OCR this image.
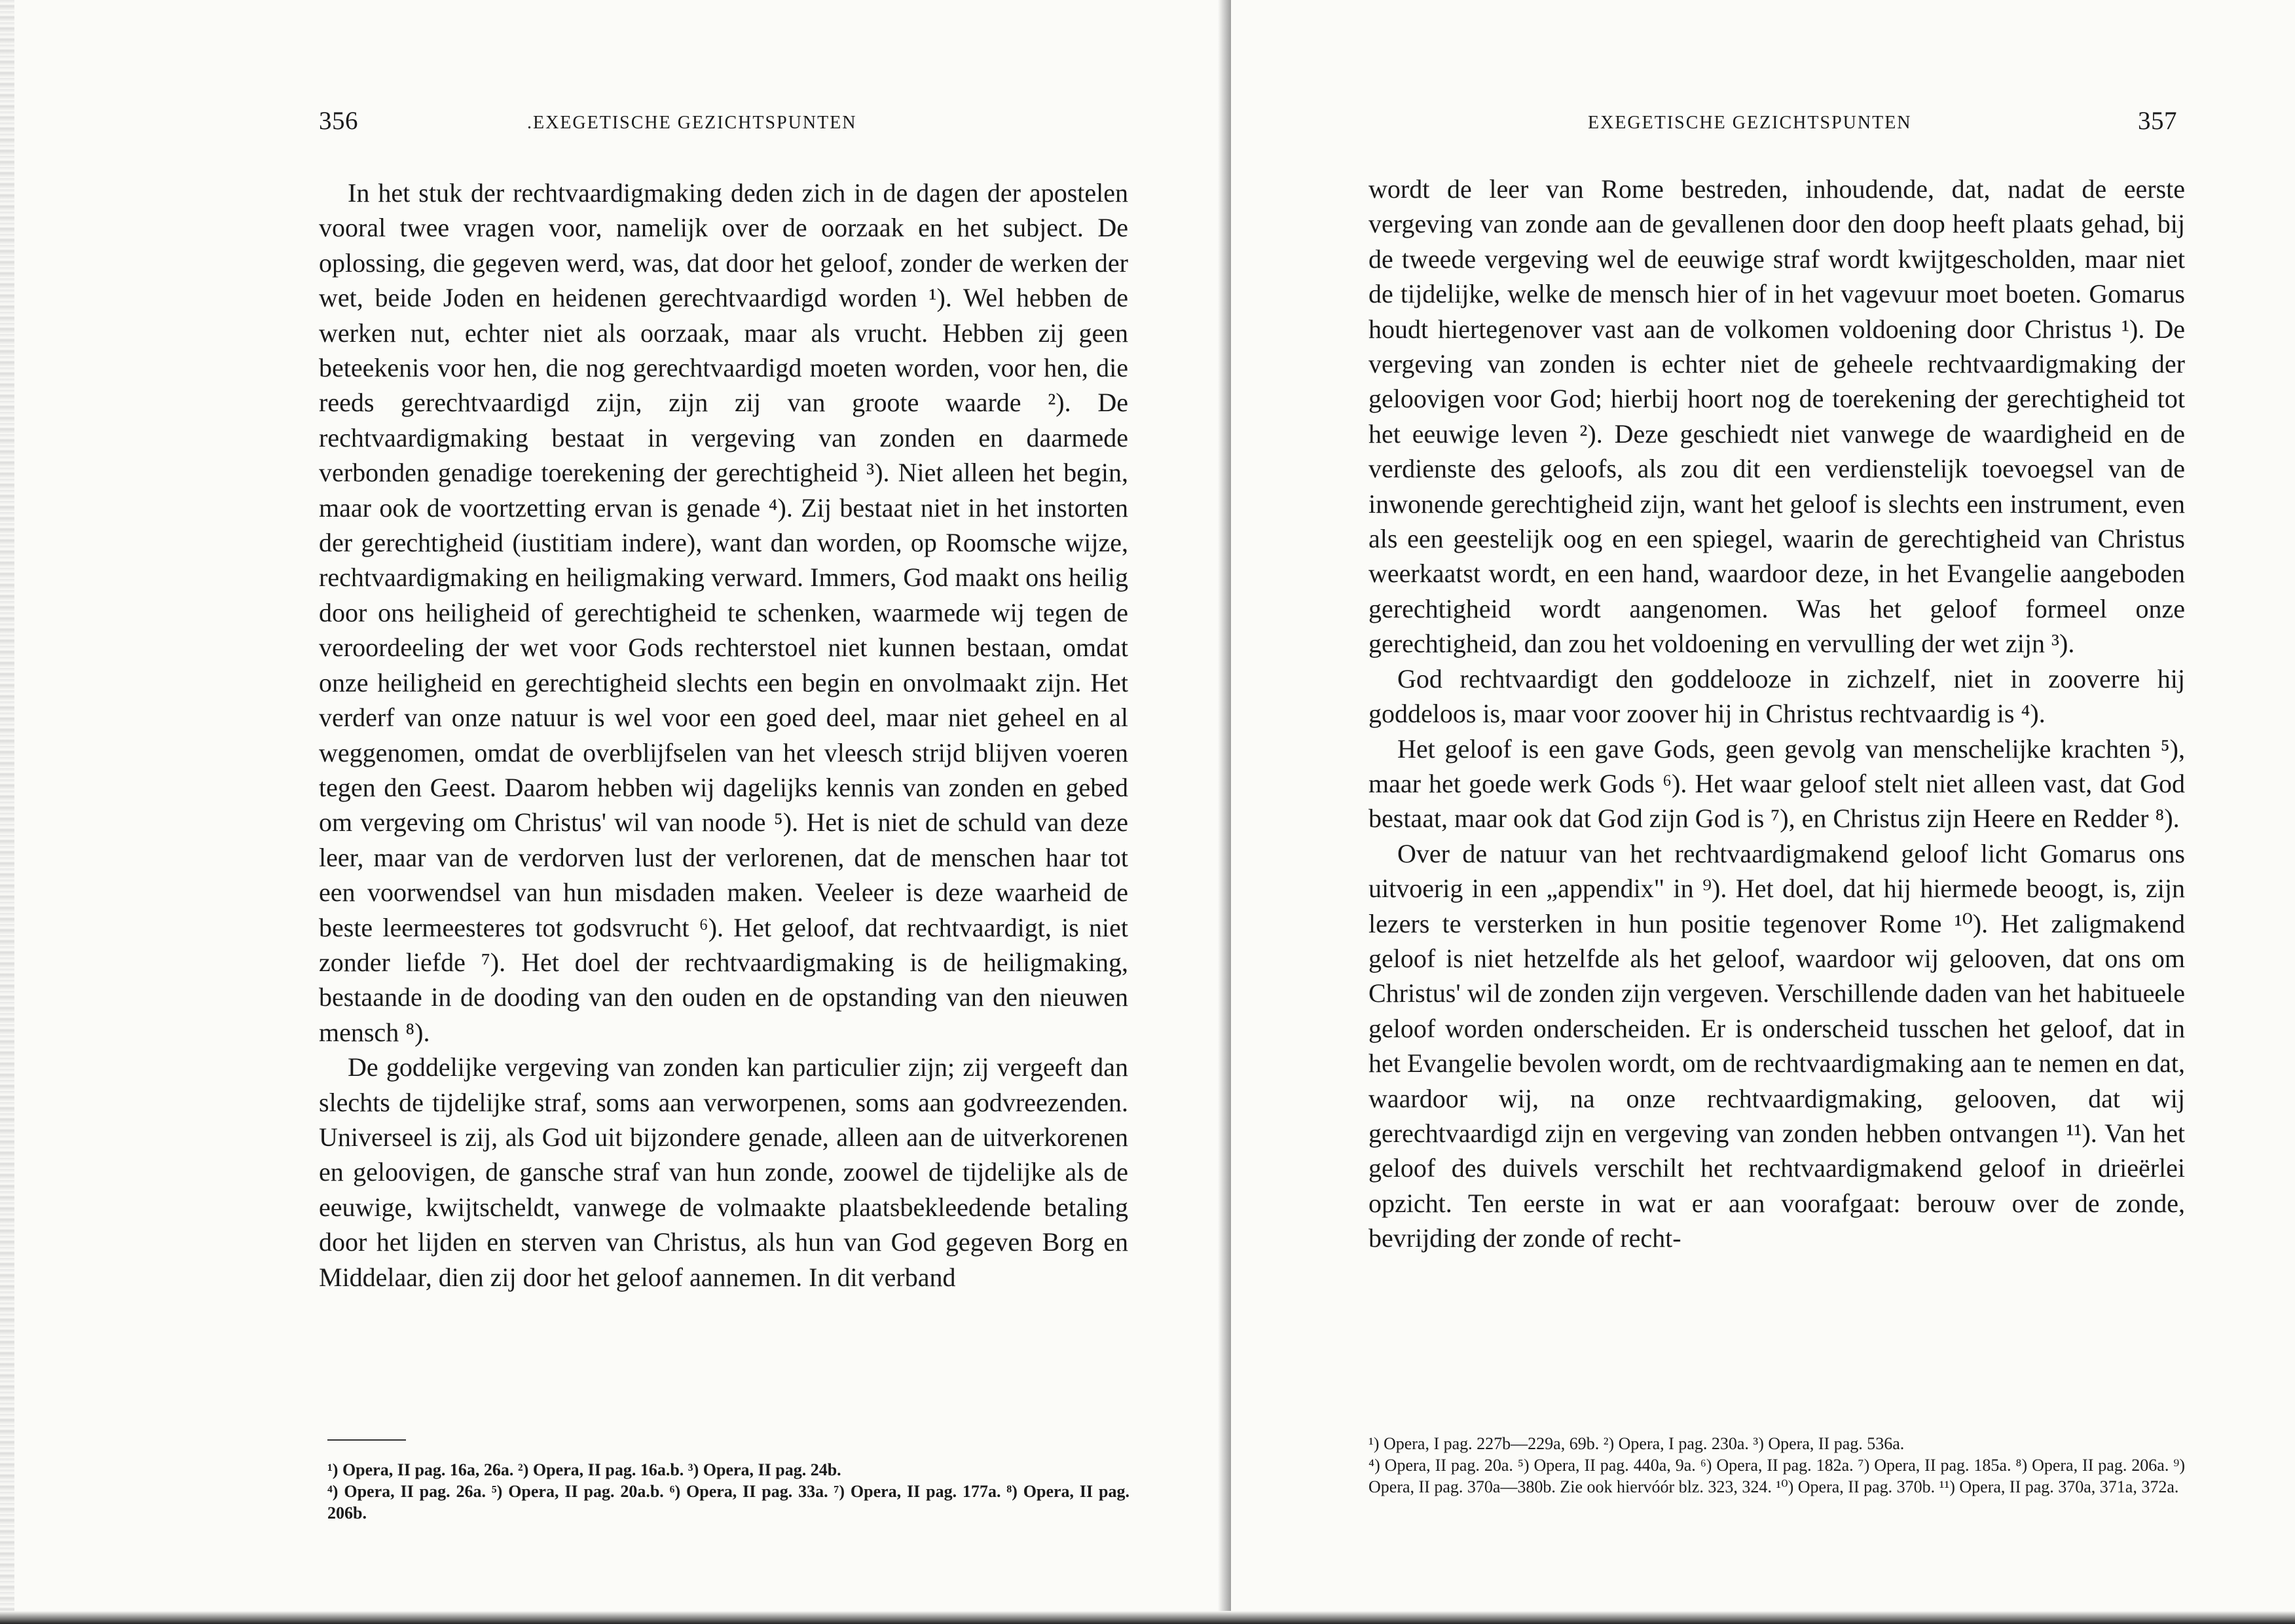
356	.EXEGETISCHE GEZICHTSPUNTEN

In het stuk der rechtvaardigmaking deden zich in de dagen der apostelen vooral twee vragen voor, namelijk over de oorzaak en het subject. De oplossing, die gegeven werd, was, dat door het geloof, zonder de werken der wet, beide Joden en heidenen gerechtvaardigd worden ¹). Wel hebben de werken nut, echter niet als oorzaak, maar als vrucht. Hebben zij geen beteekenis voor hen, die nog gerechtvaardigd moeten worden, voor hen, die reeds gerechtvaardigd zijn, zijn zij van groote waarde ²). De rechtvaardigmaking bestaat in vergeving van zonden en daarmede verbonden genadige toerekening der gerechtigheid ³). Niet alleen het begin, maar ook de voortzetting ervan is genade ⁴). Zij bestaat niet in het instorten der gerechtigheid (iustitiam indere), want dan worden, op Roomsche wijze, rechtvaardigmaking en heiligmaking verward. Immers, God maakt ons heilig door ons heiligheid of gerechtigheid te schenken, waarmede wij tegen de veroordeeling der wet voor Gods rechterstoel niet kunnen bestaan, omdat onze heiligheid en gerechtigheid slechts een begin en onvolmaakt zijn. Het verderf van onze natuur is wel voor een goed deel, maar niet geheel en al weggenomen, omdat de overblijfselen van het vleesch strijd blijven voeren tegen den Geest. Daarom hebben wij dagelijks kennis van zonden en gebed om vergeving om Christus' wil van noode ⁵). Het is niet de schuld van deze leer, maar van de verdorven lust der verlorenen, dat de menschen haar tot een voorwendsel van hun misdaden maken. Veeleer is deze waarheid de beste leermeesteres tot godsvrucht ⁶). Het geloof, dat rechtvaardigt, is niet zonder liefde ⁷). Het doel der rechtvaardigmaking is de heiligmaking, bestaande in de dooding van den ouden en de opstanding van den nieuwen mensch ⁸).

De goddelijke vergeving van zonden kan particulier zijn; zij vergeeft dan slechts de tijdelijke straf, soms aan verworpenen, soms aan godvreezenden. Universeel is zij, als God uit bijzondere genade, alleen aan de uitverkorenen en geloovigen, de gansche straf van hun zonde, zoowel de tijdelijke als de eeuwige, kwijtscheldt, vanwege de volmaakte plaatsbekleedende betaling door het lijden en sterven van Christus, als hun van God gegeven Borg en Middelaar, dien zij door het geloof aannemen. In dit verband

¹) Opera, II pag. 16a, 26a. ²) Opera, II pag. 16a.b. ³) Opera, II pag. 24b.

⁴) Opera, II pag. 26a. ⁵) Opera, II pag. 20a.b. ⁶) Opera, II pag. 33a. ⁷) Opera, II pag. 177a. ⁸) Opera, II pag. 206b.

EXEGETISCHE GEZICHTSPUNTEN	357

wordt de leer van Rome bestreden, inhoudende, dat, nadat de eerste vergeving van zonde aan de gevallenen door den doop heeft plaats gehad, bij de tweede vergeving wel de eeuwige straf wordt kwijtgescholden, maar niet de tijdelijke, welke de mensch hier of in het vagevuur moet boeten. Gomarus houdt hiertegenover vast aan de volkomen voldoening door Christus ¹). De vergeving van zonden is echter niet de geheele rechtvaardigmaking der geloovigen voor God; hierbij hoort nog de toerekening der gerechtigheid tot het eeuwige leven ²). Deze geschiedt niet vanwege de waardigheid en de verdienste des geloofs, als zou dit een verdienstelijk toevoegsel van de inwonende gerechtigheid zijn, want het geloof is slechts een instrument, even als een geestelijk oog en een spiegel, waarin de gerechtigheid van Christus weerkaatst wordt, en een hand, waardoor deze, in het Evangelie aangeboden gerechtigheid wordt aangenomen. Was het geloof formeel onze gerechtigheid, dan zou het voldoening en vervulling der wet zijn ³).

God rechtvaardigt den goddelooze in zichzelf, niet in zooverre hij goddeloos is, maar voor zoover hij in Christus rechtvaardig is ⁴).

Het geloof is een gave Gods, geen gevolg van menschelijke krachten ⁵), maar het goede werk Gods ⁶). Het waar geloof stelt niet alleen vast, dat God bestaat, maar ook dat God zijn God is ⁷), en Christus zijn Heere en Redder ⁸).

Over de natuur van het rechtvaardigmakend geloof licht Gomarus ons uitvoerig in een „appendix" in ⁹). Het doel, dat hij hiermede beoogt, is, zijn lezers te versterken in hun positie tegenover Rome ¹⁰). Het zaligmakend geloof is niet hetzelfde als het geloof, waardoor wij gelooven, dat ons om Christus' wil de zonden zijn vergeven. Verschillende daden van het habitueele geloof worden onderscheiden. Er is onderscheid tusschen het geloof, dat in het Evangelie bevolen wordt, om de rechtvaardigmaking aan te nemen en dat, waardoor wij, na onze rechtvaardigmaking, gelooven, dat wij gerechtvaardigd zijn en vergeving van zonden hebben ontvangen ¹¹). Van het geloof des duivels verschilt het rechtvaardigmakend geloof in drieërlei opzicht. Ten eerste in wat er aan voorafgaat: berouw over de zonde, bevrijding der zonde of recht-

¹) Opera, I pag. 227b—229a, 69b. ²) Opera, I pag. 230a. ³) Opera, II pag. 536a.

⁴) Opera, II pag. 20a. ⁵) Opera, II pag. 440a, 9a. ⁶) Opera, II pag. 182a. ⁷) Opera, II pag. 185a. ⁸) Opera, II pag. 206a. ⁹) Opera, II pag. 370a—380b. Zie ook hiervóór blz. 323, 324. ¹⁰) Opera, II pag. 370b. ¹¹) Opera, II pag. 370a, 371a, 372a.
